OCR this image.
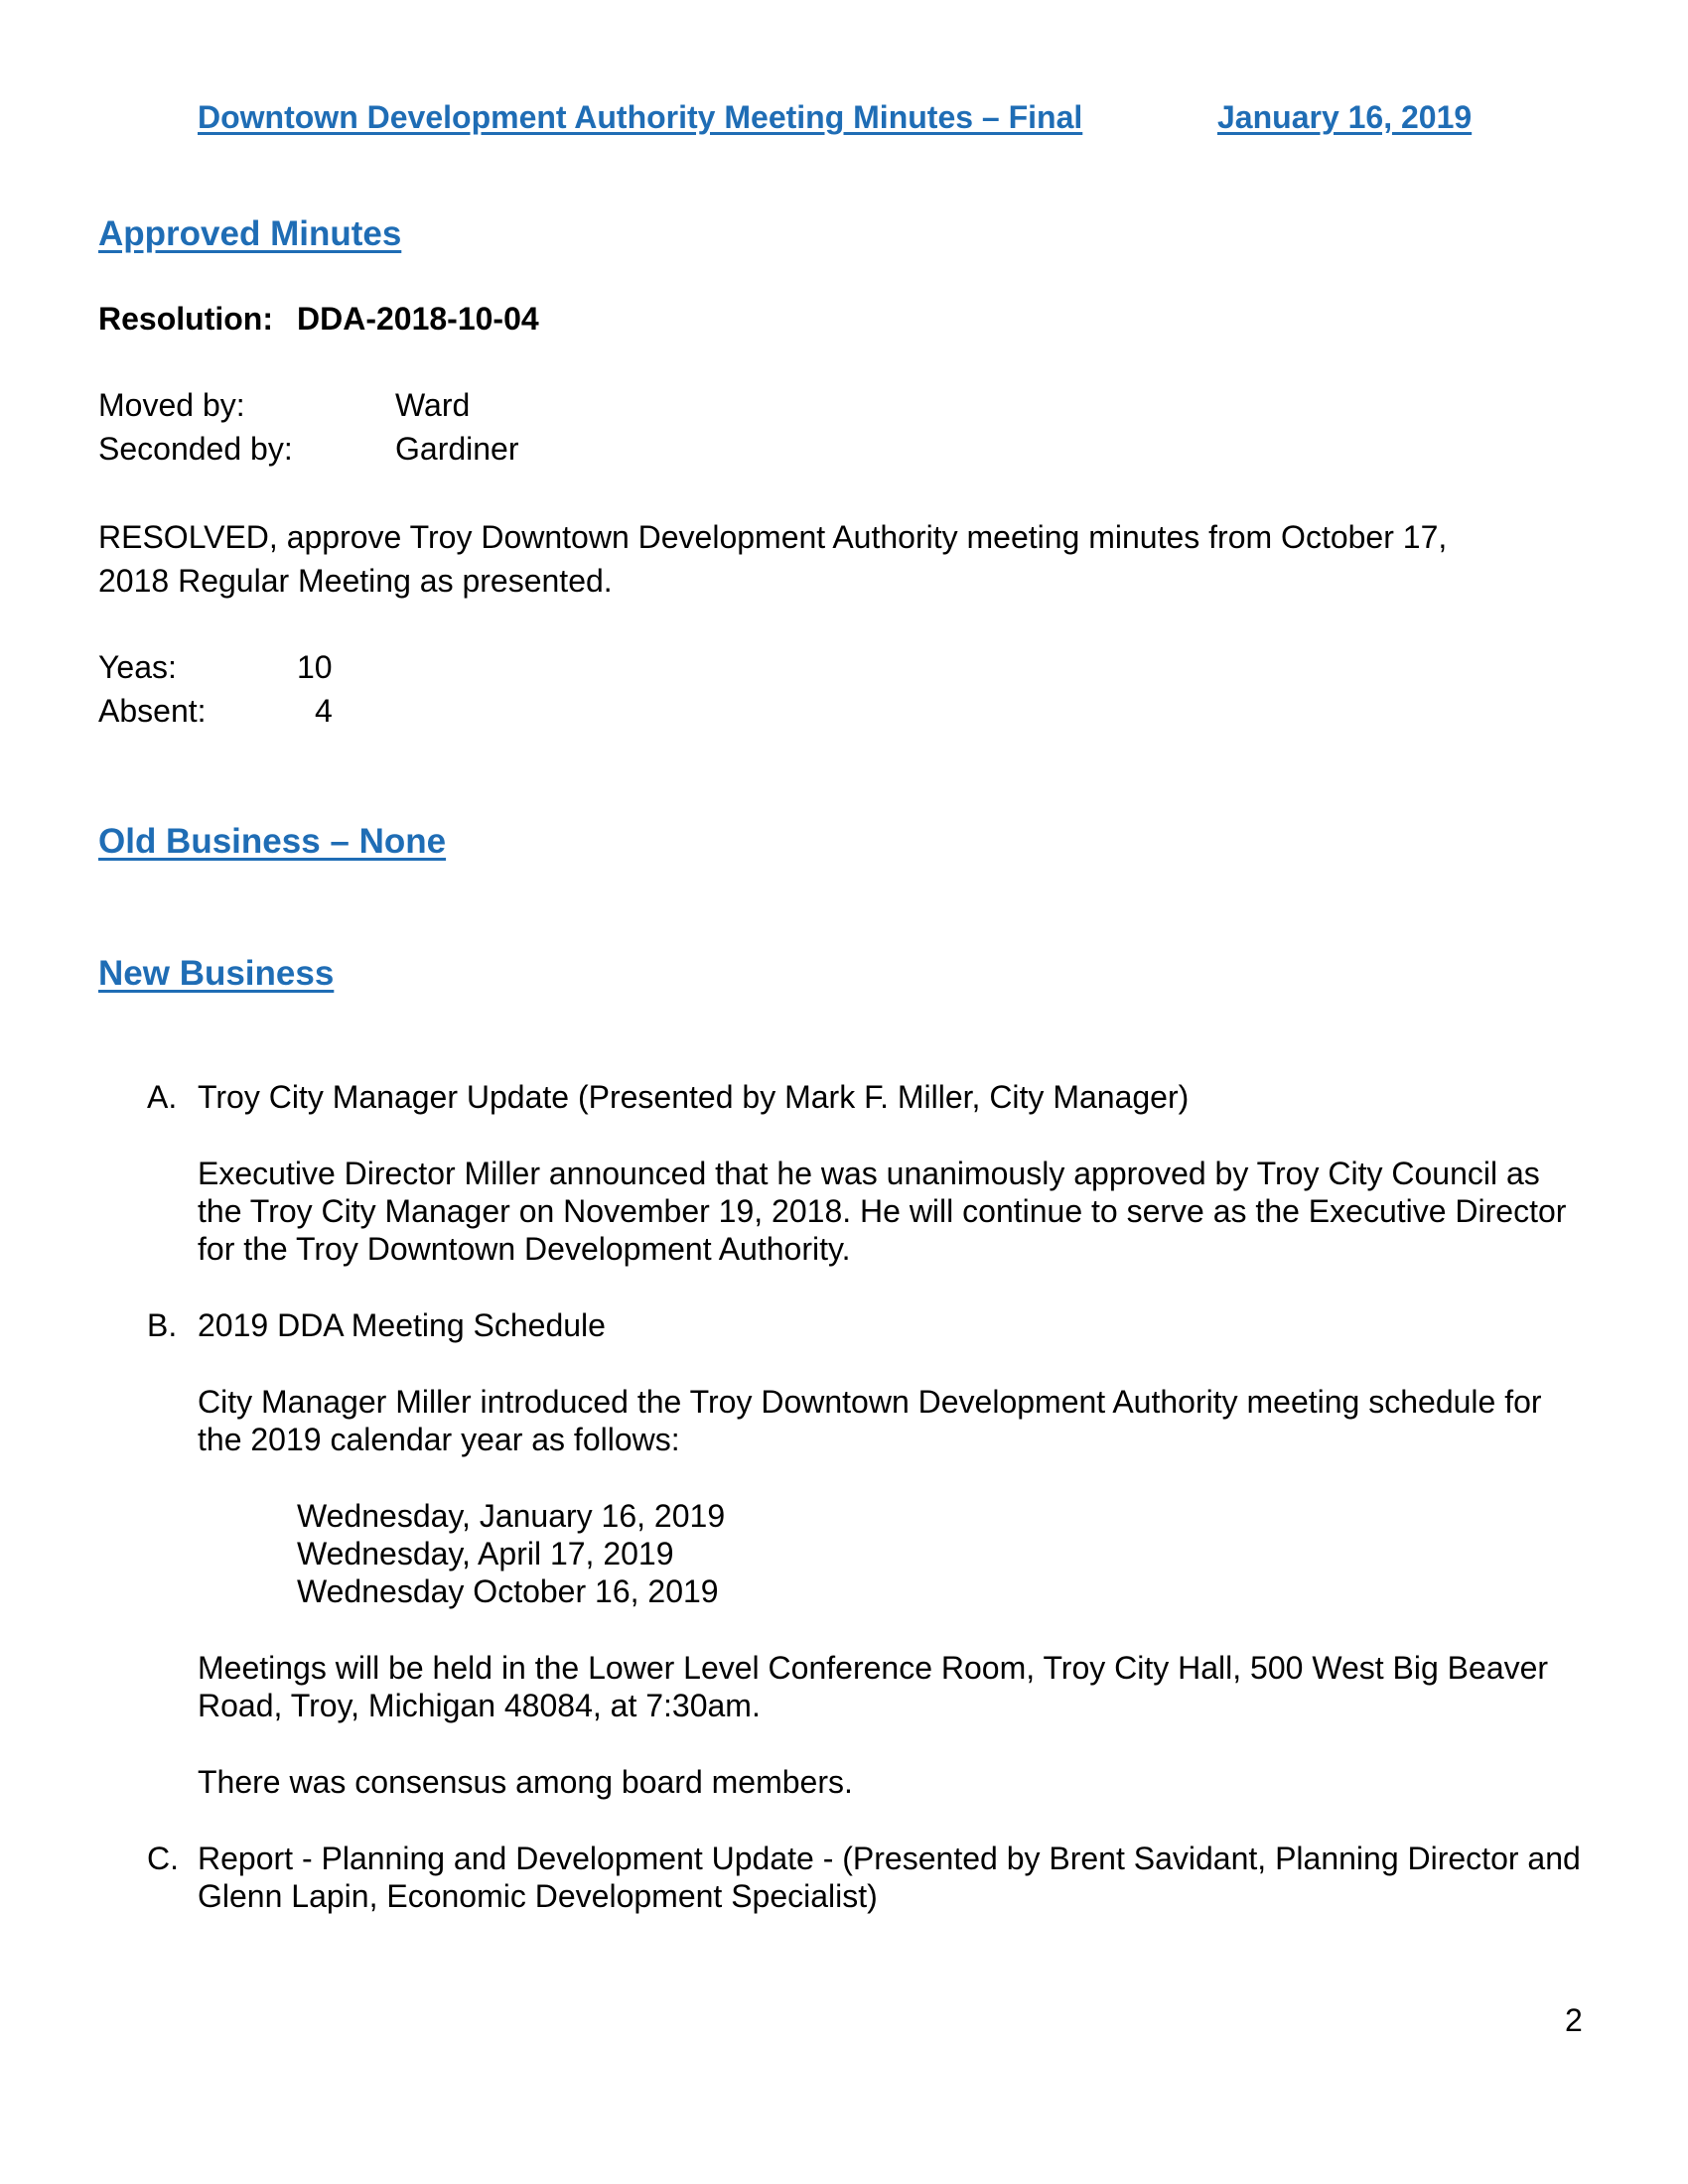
Downtown Development Authority Meeting Minutes – Final	January 16, 2019
Approved Minutes
Resolution: DDA-2018-10-04
Moved by:	Ward
Seconded by:	Gardiner
RESOLVED, approve Troy Downtown Development Authority meeting minutes from October 17,
2018 Regular Meeting as presented.
Yeas:	10
Absent:	4
Old Business – None
New Business
A. Troy City Manager Update (Presented by Mark F. Miller, City Manager)
Executive Director Miller announced that he was unanimously approved by Troy City Council as the Troy City Manager on November 19, 2018. He will continue to serve as the Executive Director for the Troy Downtown Development Authority.
B. 2019 DDA Meeting Schedule
City Manager Miller introduced the Troy Downtown Development Authority meeting schedule for the 2019 calendar year as follows:
Wednesday, January 16, 2019
Wednesday, April 17, 2019
Wednesday October 16, 2019
Meetings will be held in the Lower Level Conference Room, Troy City Hall, 500 West Big Beaver Road, Troy, Michigan 48084, at 7:30am.
There was consensus among board members.
C. Report - Planning and Development Update - (Presented by Brent Savidant, Planning Director and Glenn Lapin, Economic Development Specialist)
2
